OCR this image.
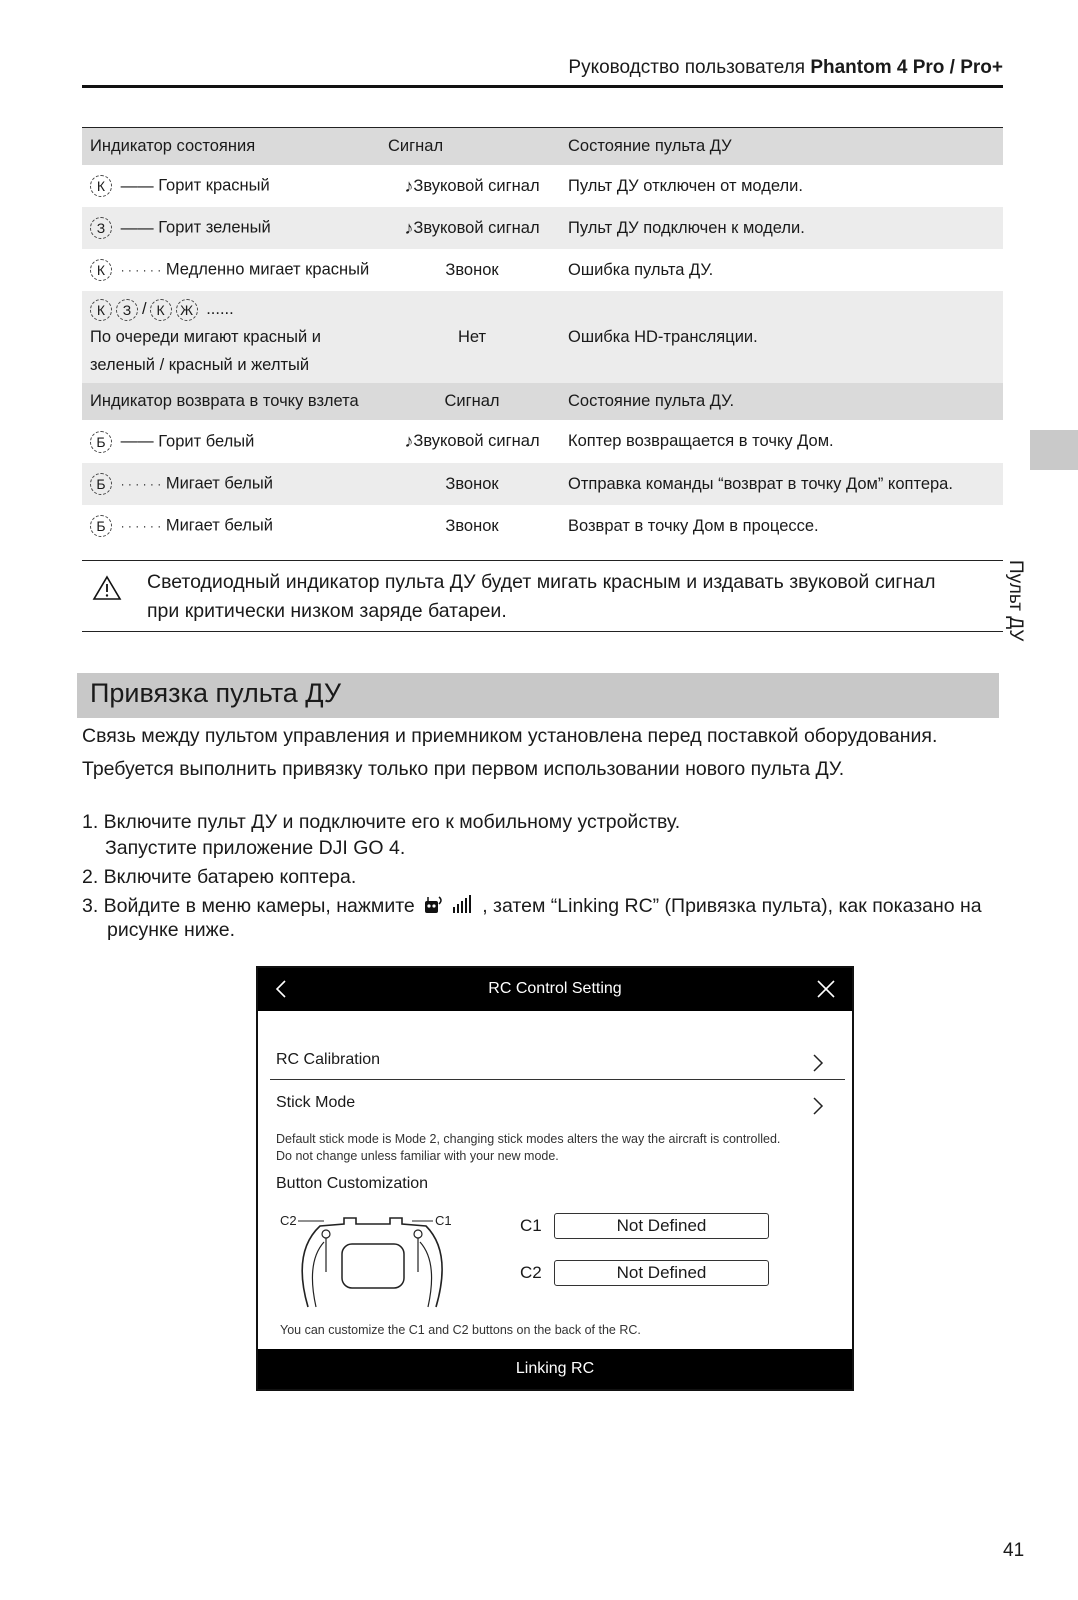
Руководство пользователя Phantom 4 Pro / Pro+
Пульт ДУ
Индикатор состояния	Сигнал	Состояние пульта ДУ
К —— Горит красный	♪Звуковой сигнал	Пульт ДУ отключен от модели.
З —— Горит зеленый	♪Звуковой сигнал	Пульт ДУ подключен к модели.
К · · · · · · Медленно мигает красный	Звонок	Ошибка пульта ДУ.

К З / К Ж ......
По очереди мигают красный и
зеленый / красный и желтый	Нет	Ошибка HD-трансляции.
Индикатор возврата в точку взлета	Сигнал	Состояние пульта ДУ.
Б —— Горит белый	♪Звуковой сигнал	Коптер возвращается в точку Дом.
Б · · · · · · Мигает белый	Звонок	Отправка команды “возврат в точку Дом” коптера.
Б · · · · · · Мигает белый	Звонок	Возврат в точку Дом в процессе.
Светодиодный индикатор пульта ДУ будет мигать красным и издавать звуковой сигнал
при критически низком заряде батареи.
Привязка пульта ДУ
Связь между пультом управления и приемником установлена перед поставкой оборудования.
Требуется выполнить привязку только при первом использовании нового пульта ДУ.
1. Включите пульт ДУ и подключите его к мобильному устройству.
Запустите приложение DJI GO 4.
2. Включите батарею коптера.
3. Войдите в меню камеры, нажмите	, затем “Linking RC” (Привязка пульта), как показано на
рисунке ниже.
RC Control Setting
RC Calibration
Stick Mode
Default stick mode is Mode 2, changing stick modes alters the way the aircraft is controlled.
Do not change unless familiar with your new mode.
Button Customization
C2	C1	C1	Not Defined
C2	Not Defined
You can customize the C1 and C2 buttons on the back of the RC.
Linking RC
41
